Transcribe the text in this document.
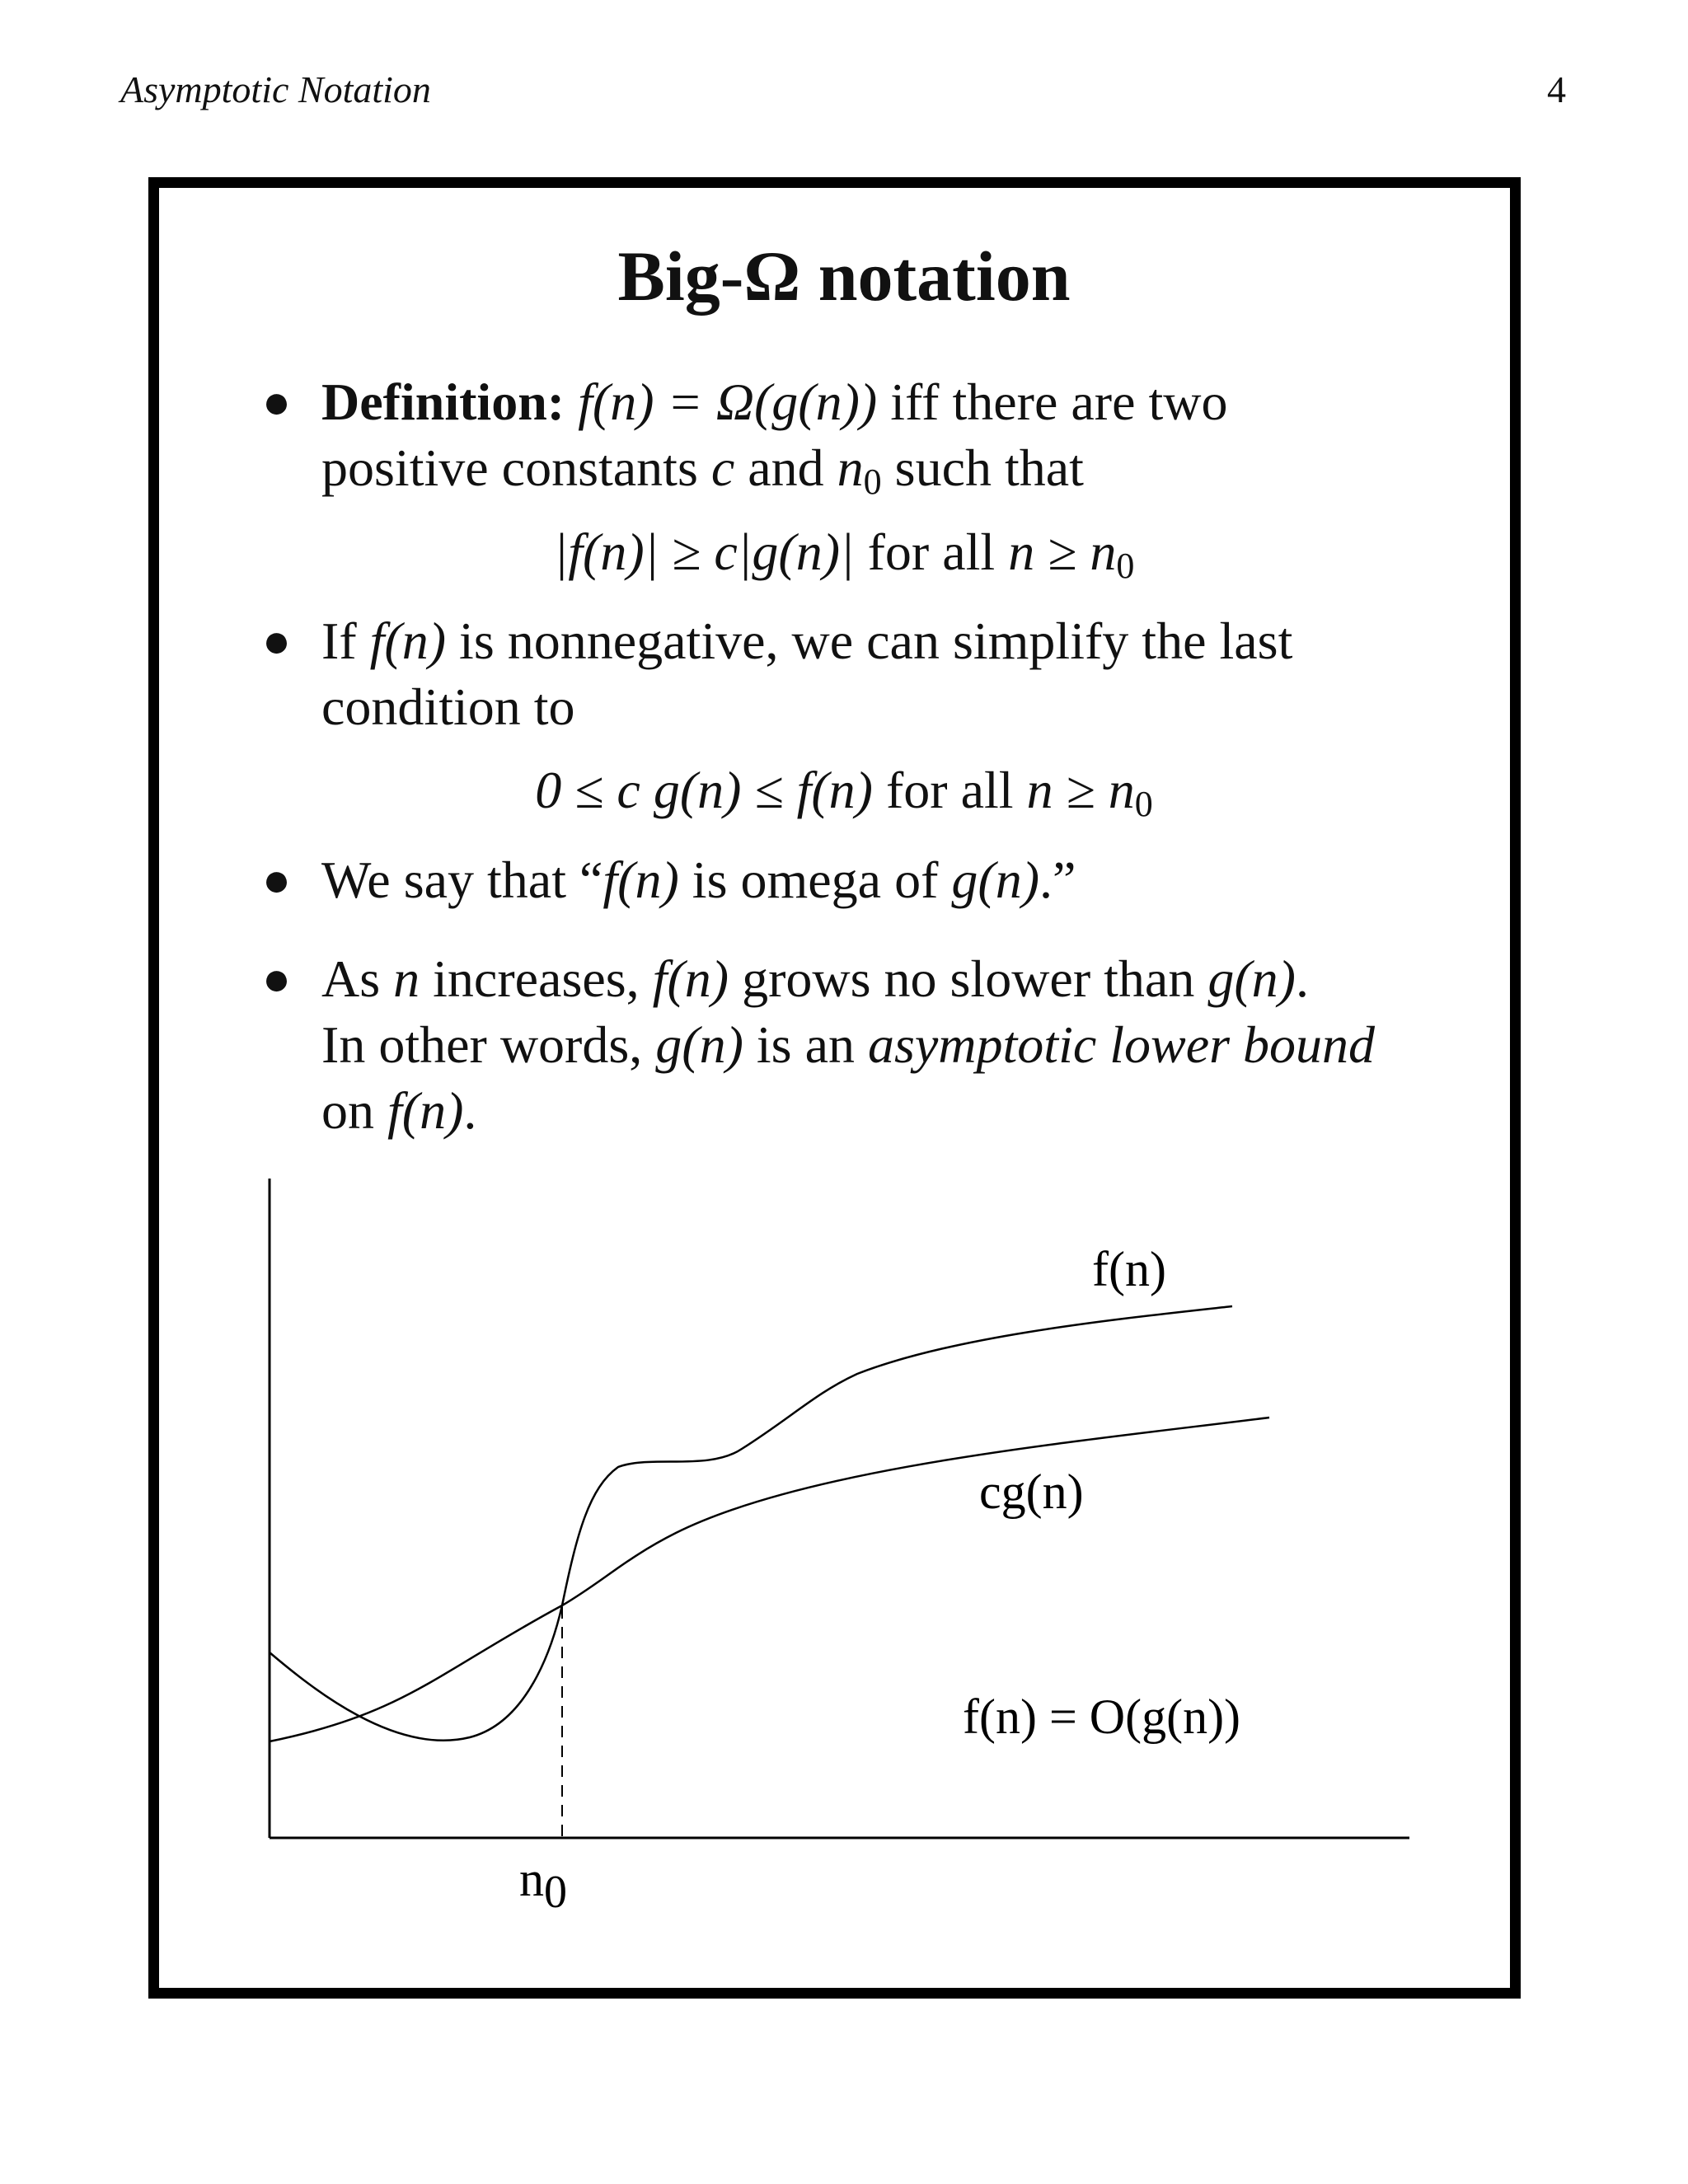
Asymptotic Notation	4
Big-Ω notation
● Definition: f(n) = Ω(g(n)) iff there are two
positive constants c and $n_0$ such that
|f(n)| ≥ c|g(n)| for all $n \ge n_0$
● If f(n) is nonnegative, we can simplify the last
condition to
0 ≤ c g(n) ≤ f(n) for all $n \ge n_0$
● We say that “f(n) is omega of g(n).”
● As n increases, f(n) grows no slower than g(n).
In other words, g(n) is an asymptotic lower bound
on f(n).
f(n)
cg(n)
f(n) = O(g(n))
n0
